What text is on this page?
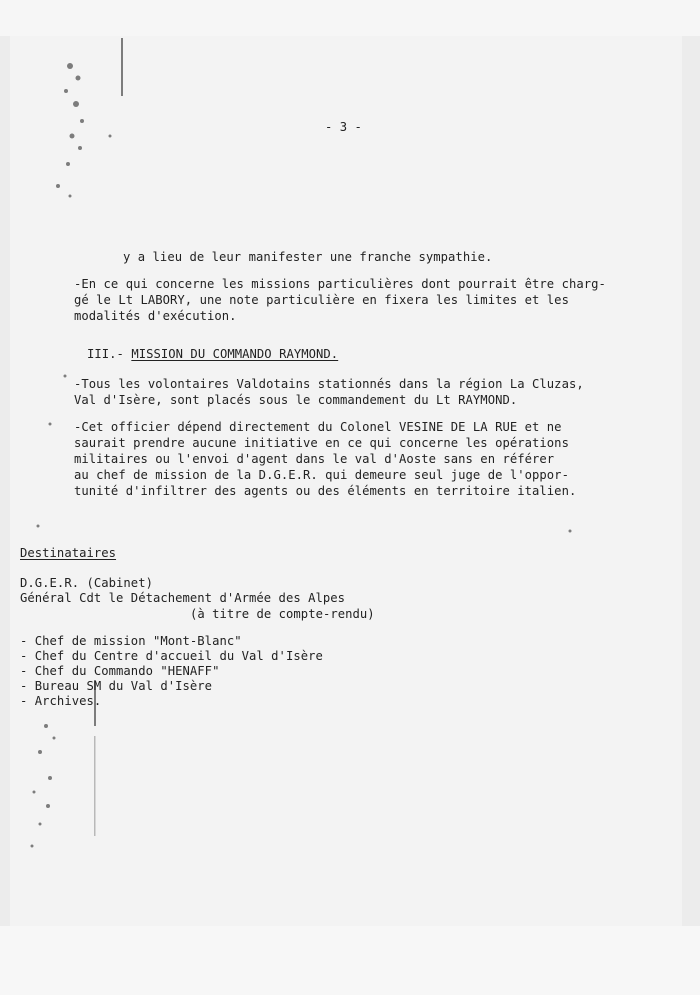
- 3 -

y a lieu de leur manifester une franche sympathie.

-En ce qui concerne les missions particulières dont pourrait être charg-

gé le Lt LABORY, une note particulière en fixera les limites et les

modalités d'exécution.

III.- MISSION DU COMMANDO RAYMOND.

-Tous les volontaires Valdotains stationnés dans la région La Cluzas,

Val d'Isère, sont placés sous le commandement du Lt RAYMOND.

-Cet officier dépend directement du Colonel VESINE DE LA RUE et ne

saurait prendre aucune initiative en ce qui concerne les opérations

militaires ou l'envoi d'agent dans le val d'Aoste sans en référer

au chef de mission de la D.G.E.R. qui demeure seul juge de l'oppor-

tunité d'infiltrer des agents ou des éléments en territoire italien.

Destinataires

D.G.E.R. (Cabinet)

Général Cdt le Détachement d'Armée des Alpes

(à titre de compte-rendu)

- Chef de mission "Mont-Blanc"

- Chef du Centre d'accueil du Val d'Isère

- Chef du Commando "HENAFF"

- Bureau SM du Val d'Isère

- Archives.
